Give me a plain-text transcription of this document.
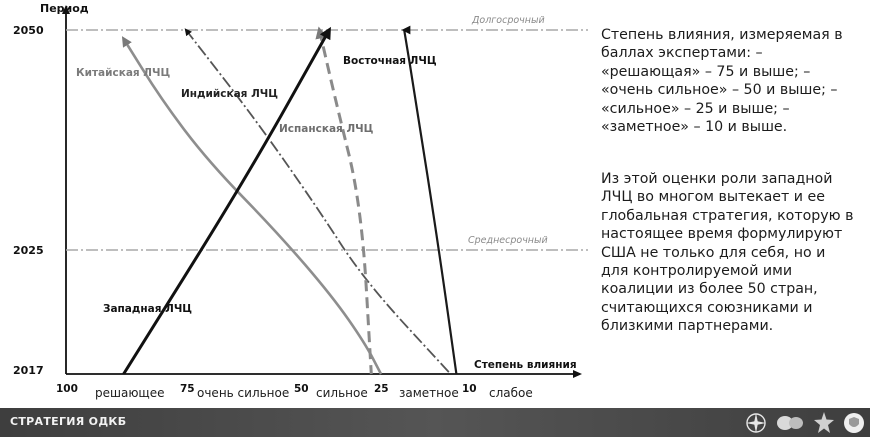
Долгосрочный
Среднесрочный
Период
Степень влияния
2050
2025
2017
100	75	50	25	10
решающее	очень сильное сильное	заметное	слабое
Китайская ЛЧЦ
Индийская ЛЧЦ
Испанская ЛЧЦ
Восточная ЛЧЦ
Западная ЛЧЦ
Степень влияния, измеряемая в баллах экспертами: – «решающая» – 75 и выше; – «очень сильное» – 50 и выше; – «сильное» – 25 и выше; – «заметное» – 10 и выше.
Из этой оценки роли западной ЛЧЦ во многом вытекает и ее глобальная стратегия, которую в настоящее время формулируют США не только для себя, но и для контролируемой ими коалиции из более 50 стран, считающихся союзниками и близкими партнерами.
СТРАТЕГИЯ ОДКБ
